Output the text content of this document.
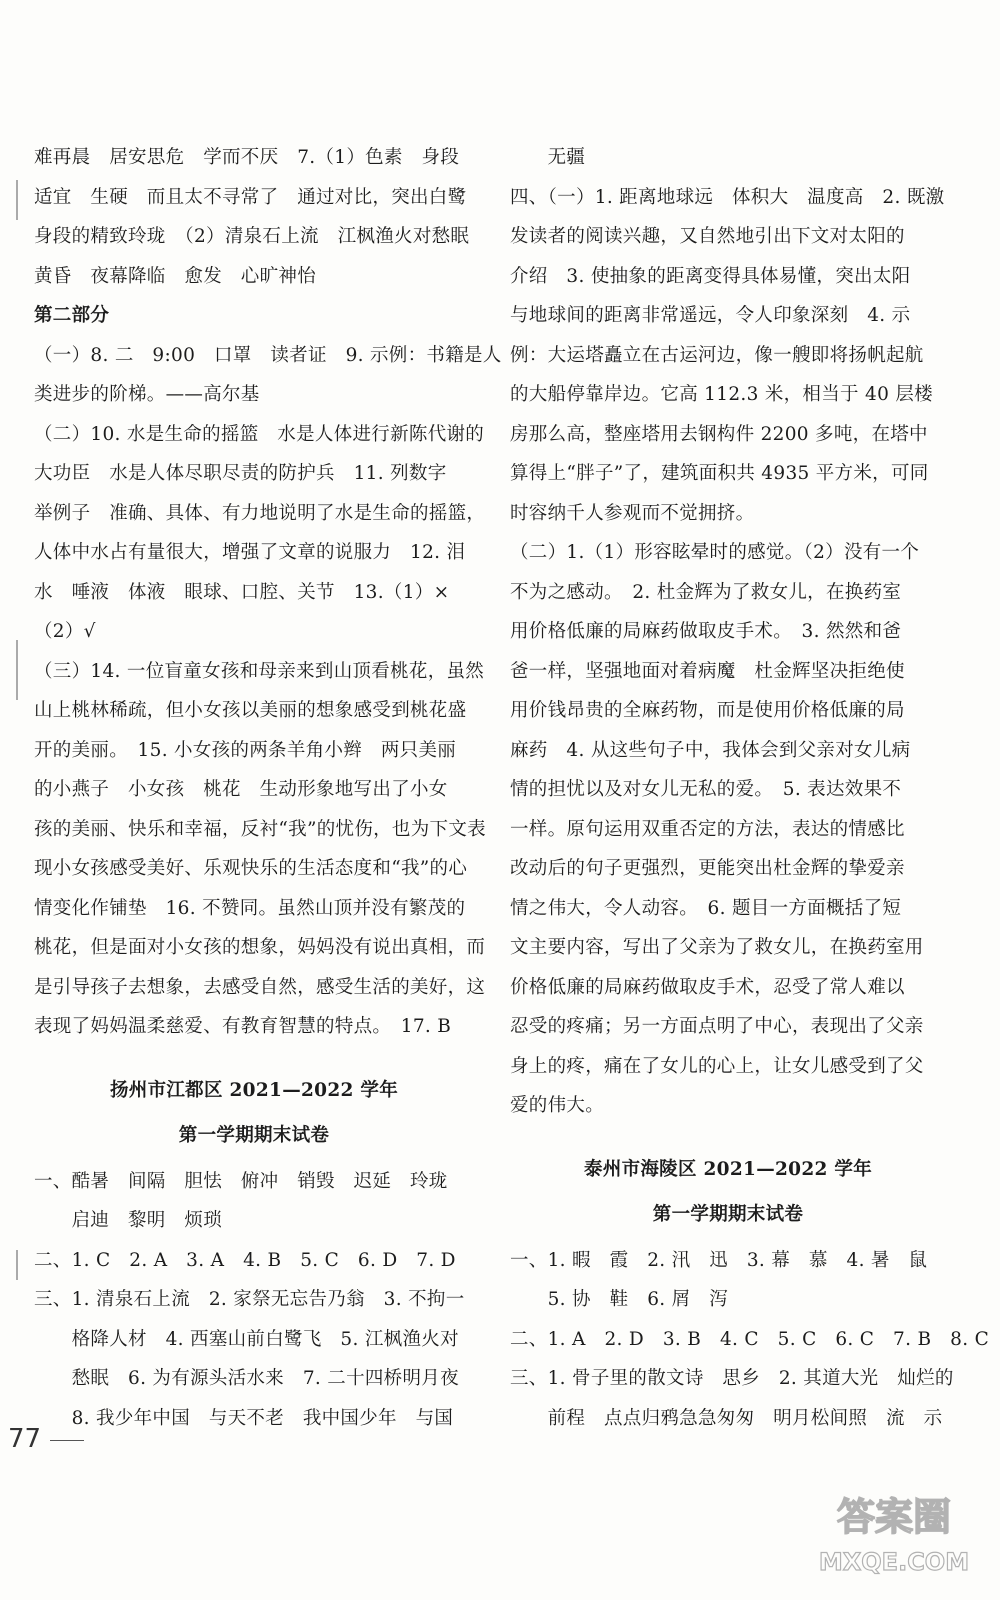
难再晨　居安思危　学而不厌　7.（1）色素　身段
适宜　生硬　而且太不寻常了　通过对比，突出白鹭
身段的精致玲珑　（2）清泉石上流　江枫渔火对愁眠
黄昏　夜幕降临　愈发　心旷神怡
第二部分
（一）8. 二　9:00　口罩　读者证　9. 示例：书籍是人
类进步的阶梯。——高尔基
（二）10. 水是生命的摇篮　水是人体进行新陈代谢的
大功臣　水是人体尽职尽责的防护兵　11. 列数字
举例子　准确、具体、有力地说明了水是生命的摇篮，
人体中水占有量很大，增强了文章的说服力　12. 泪
水　唾液　体液　眼球、口腔、关节　13.（1）×
（2）√
（三）14. 一位盲童女孩和母亲来到山顶看桃花，虽然
山上桃林稀疏，但小女孩以美丽的想象感受到桃花盛
开的美丽。　15. 小女孩的两条羊角小辫　两只美丽
的小燕子　小女孩　桃花　生动形象地写出了小女
孩的美丽、快乐和幸福，反衬“我”的忧伤，也为下文表
现小女孩感受美好、乐观快乐的生活态度和“我”的心
情变化作铺垫　16. 不赞同。虽然山顶并没有繁茂的
桃花，但是面对小女孩的想象，妈妈没有说出真相，而
是引导孩子去想象，去感受自然，感受生活的美好，这
表现了妈妈温柔慈爱、有教育智慧的特点。　17. B
扬州市江都区 2021—2022 学年
第一学期期末试卷
一、酷暑　间隔　胆怯　俯冲　销毁　迟延　玲珑
　　启迪　黎明　烦琐
二、1. C　2. A　3. A　4. B　5. C　6. D　7. D
三、1. 清泉石上流　2. 家祭无忘告乃翁　3. 不拘一
　　格降人材　4. 西塞山前白鹭飞　5. 江枫渔火对
　　愁眠　6. 为有源头活水来　7. 二十四桥明月夜
　　8. 我少年中国　与天不老　我中国少年　与国
　　无疆
四、（一）1. 距离地球远　体积大　温度高　2. 既激
发读者的阅读兴趣，又自然地引出下文对太阳的
介绍　3. 使抽象的距离变得具体易懂，突出太阳
与地球间的距离非常遥远，令人印象深刻　4. 示
例：大运塔矗立在古运河边，像一艘即将扬帆起航
的大船停靠岸边。它高 112.3 米，相当于 40 层楼
房那么高，整座塔用去钢构件 2200 多吨，在塔中
算得上“胖子”了，建筑面积共 4935 平方米，可同
时容纳千人参观而不觉拥挤。
（二）1.（1）形容眩晕时的感觉。（2）没有一个
不为之感动。　2. 杜金辉为了救女儿，在换药室
用价格低廉的局麻药做取皮手术。　3. 然然和爸
爸一样，坚强地面对着病魔　杜金辉坚决拒绝使
用价钱昂贵的全麻药物，而是使用价格低廉的局
麻药　4. 从这些句子中，我体会到父亲对女儿病
情的担忧以及对女儿无私的爱。　5. 表达效果不
一样。原句运用双重否定的方法，表达的情感比
改动后的句子更强烈，更能突出杜金辉的挚爱亲
情之伟大，令人动容。　6. 题目一方面概括了短
文主要内容，写出了父亲为了救女儿，在换药室用
价格低廉的局麻药做取皮手术，忍受了常人难以
忍受的疼痛；另一方面点明了中心，表现出了父亲
身上的疼，痛在了女儿的心上，让女儿感受到了父
爱的伟大。
泰州市海陵区 2021—2022 学年
第一学期期末试卷
一、1. 暇　霞　2. 汛　迅　3. 幕　慕　4. 暑　鼠
　　5. 协　鞋　6. 屑　泻
二、1. A　2. D　3. B　4. C　5. C　6. C　7. B　8. C
三、1. 骨子里的散文诗　思乡　2. 其道大光　灿烂的
　　前程　点点归鸦急急匆匆　明月松间照　流　示
77
答案圈
MXQE.COM
